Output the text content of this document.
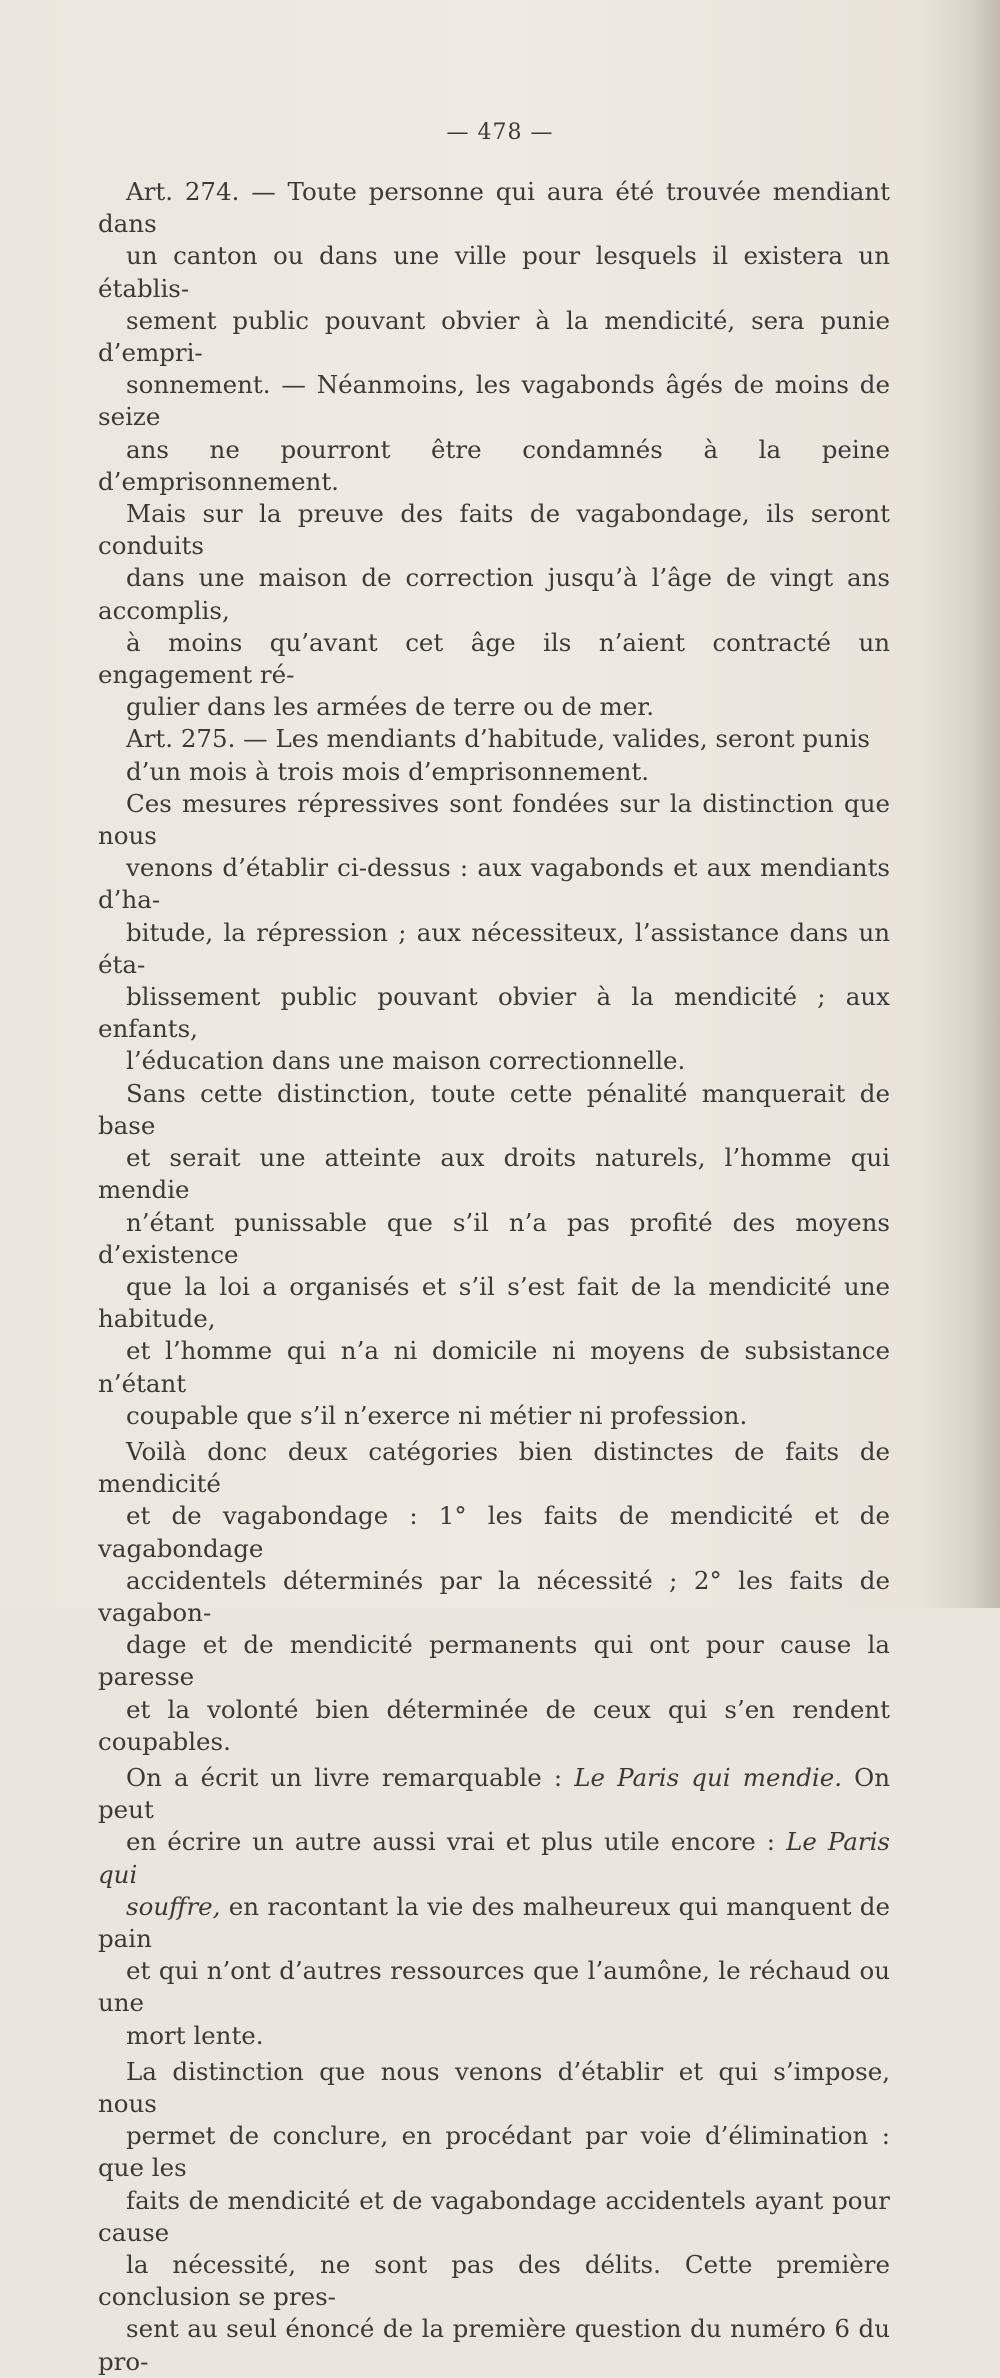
— 478 —

Art. 274. — Toute personne qui aura été trouvée mendiant dans
un canton ou dans une ville pour lesquels il existera un établis-
sement public pouvant obvier à la mendicité, sera punie d’empri-
sonnement. — Néanmoins, les vagabonds âgés de moins de seize
ans ne pourront être condamnés à la peine d’emprisonnement.
Mais sur la preuve des faits de vagabondage, ils seront conduits
dans une maison de correction jusqu’à l’âge de vingt ans accomplis,
à moins qu’avant cet âge ils n’aient contracté un engagement ré-
gulier dans les armées de terre ou de mer.

Art. 275. — Les mendiants d’habitude, valides, seront punis
d’un mois à trois mois d’emprisonnement.

Ces mesures répressives sont fondées sur la distinction que nous
venons d’établir ci-dessus : aux vagabonds et aux mendiants d’ha-
bitude, la répression ; aux nécessiteux, l’assistance dans un éta-
blissement public pouvant obvier à la mendicité ; aux enfants,
l’éducation dans une maison correctionnelle.

Sans cette distinction, toute cette pénalité manquerait de base
et serait une atteinte aux droits naturels, l’homme qui mendie
n’étant punissable que s’il n’a pas profité des moyens d’existence
que la loi a organisés et s’il s’est fait de la mendicité une habitude,
et l’homme qui n’a ni domicile ni moyens de subsistance n’étant
coupable que s’il n’exerce ni métier ni profession.

Voilà donc deux catégories bien distinctes de faits de mendicité
et de vagabondage : 1° les faits de mendicité et de vagabondage
accidentels déterminés par la nécessité ; 2° les faits de vagabon-
dage et de mendicité permanents qui ont pour cause la paresse
et la volonté bien déterminée de ceux qui s’en rendent coupables.

On a écrit un livre remarquable : Le Paris qui mendie. On peut
en écrire un autre aussi vrai et plus utile encore : Le Paris qui
souffre, en racontant la vie des malheureux qui manquent de pain
et qui n’ont d’autres ressources que l’aumône, le réchaud ou une
mort lente.

La distinction que nous venons d’établir et qui s’impose, nous
permet de conclure, en procédant par voie d’élimination : que les
faits de mendicité et de vagabondage accidentels ayant pour cause
la nécessité, ne sont pas des délits. Cette première conclusion se pres-
sent au seul énoncé de la première question du numéro 6 du pro-
